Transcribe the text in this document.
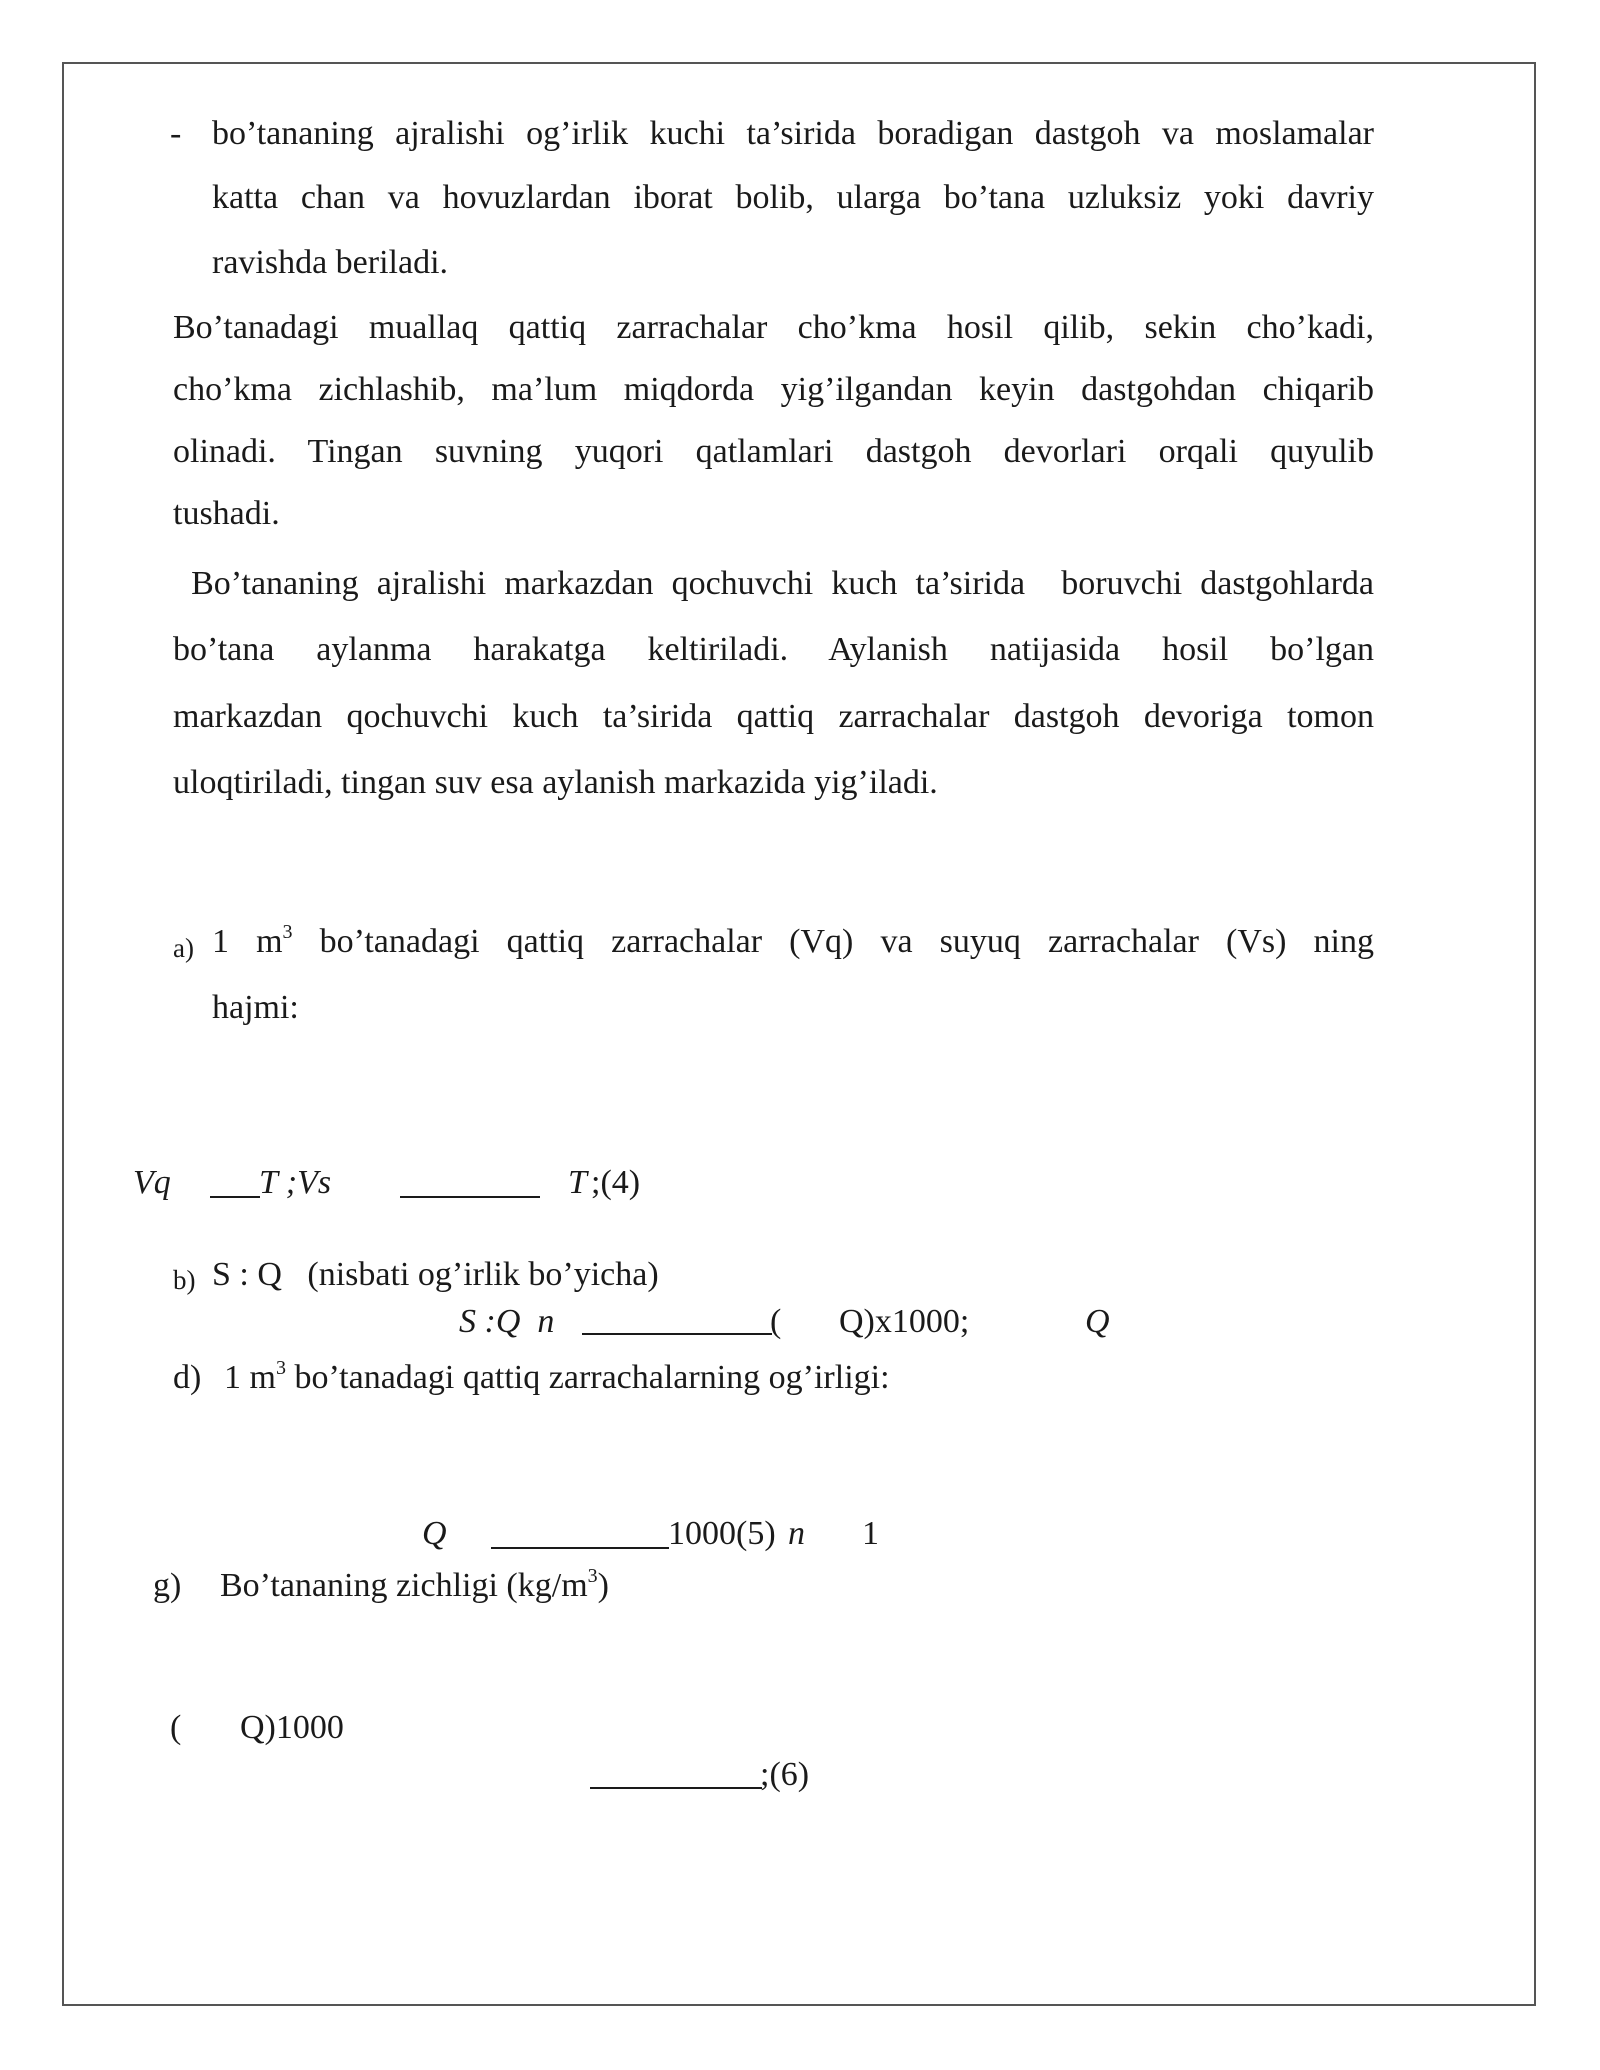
- bo’tananing ajralishi og’irlik kuchi ta’sirida boradigan dastgoh va moslamalar
katta chan va hovuzlardan iborat bolib, ularga bo’tana uzluksiz yoki davriy
ravishda beriladi.
Bo’tanadagi muallaq qattiq zarrachalar cho’kma hosil qilib, sekin cho’kadi,
cho’kma zichlashib, ma’lum miqdorda yig’ilgandan keyin dastgohdan chiqarib
olinadi. Tingan suvning yuqori qatlamlari dastgoh devorlari orqali quyulib
tushadi.
Bo’tananing ajralishi markazdan qochuvchi kuch ta’sirida  boruvchi dastgohlarda
bo’tana aylanma harakatga keltiriladi. Aylanish natijasida hosil bo’lgan
markazdan qochuvchi kuch ta’sirida qattiq zarrachalar dastgoh devoriga tomon
uloqtiriladi, tingan suv esa aylanish markazida yig’iladi.
a) 1 $m^3$ bo’tanadagi qattiq zarrachalar (Vq) va suyuq zarrachalar (Vs) ning
hajmi:
Vq	T ;Vs	T ;(4)
b) S : Q   (nisbati og’irlik bo’yicha)
S :Q  n	( Q)x1000;	Q
d) 1 $m^3$ bo’tanadagi qattiq zarrachalarning og’irligi:
Q	1000(5) n 1
g) Bo’tananing zichligi $(kg/m^3)$
( Q)1000
;(6)
